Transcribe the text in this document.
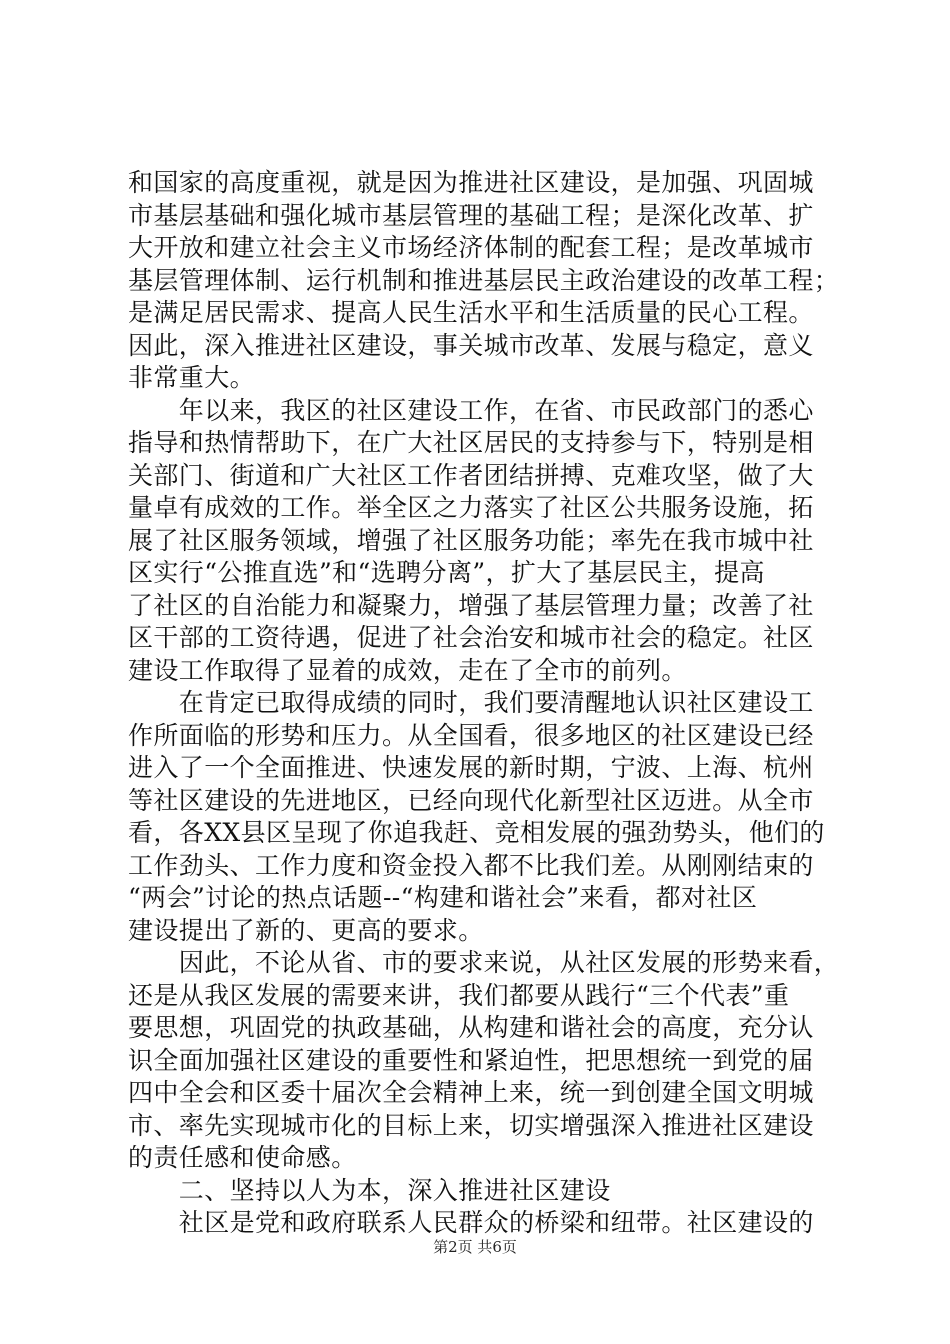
和国家的高度重视，就是因为推进社区建设，是加强、巩固城
市基层基础和强化城市基层管理的基础工程；是深化改革、扩
大开放和建立社会主义市场经济体制的配套工程；是改革城市
基层管理体制、运行机制和推进基层民主政治建设的改革工程；
是满足居民需求、提高人民生活水平和生活质量的民心工程。
因此，深入推进社区建设，事关城市改革、发展与稳定，意义
非常重大。
　　年以来，我区的社区建设工作，在省、市民政部门的悉心
指导和热情帮助下，在广大社区居民的支持参与下，特别是相
关部门、街道和广大社区工作者团结拼搏、克难攻坚，做了大
量卓有成效的工作。举全区之力落实了社区公共服务设施，拓
展了社区服务领域，增强了社区服务功能；率先在我市城中社
区实行“公推直选”和“选聘分离”，扩大了基层民主，提高
了社区的自治能力和凝聚力，增强了基层管理力量；改善了社
区干部的工资待遇，促进了社会治安和城市社会的稳定。社区
建设工作取得了显着的成效，走在了全市的前列。
　　在肯定已取得成绩的同时，我们要清醒地认识社区建设工
作所面临的形势和压力。从全国看，很多地区的社区建设已经
进入了一个全面推进、快速发展的新时期，宁波、上海、杭州
等社区建设的先进地区，已经向现代化新型社区迈进。从全市
看，各XX县区呈现了你追我赶、竞相发展的强劲势头，他们的
工作劲头、工作力度和资金投入都不比我们差。从刚刚结束的
“两会”讨论的热点话题--“构建和谐社会”来看，都对社区
建设提出了新的、更高的要求。
　　因此，不论从省、市的要求来说，从社区发展的形势来看，
还是从我区发展的需要来讲，我们都要从践行“三个代表”重
要思想，巩固党的执政基础，从构建和谐社会的高度，充分认
识全面加强社区建设的重要性和紧迫性，把思想统一到党的届
四中全会和区委十届次全会精神上来，统一到创建全国文明城
市、率先实现城市化的目标上来，切实增强深入推进社区建设
的责任感和使命感。
　　二、坚持以人为本，深入推进社区建设
　　社区是党和政府联系人民群众的桥梁和纽带。社区建设的
第2页 共6页
